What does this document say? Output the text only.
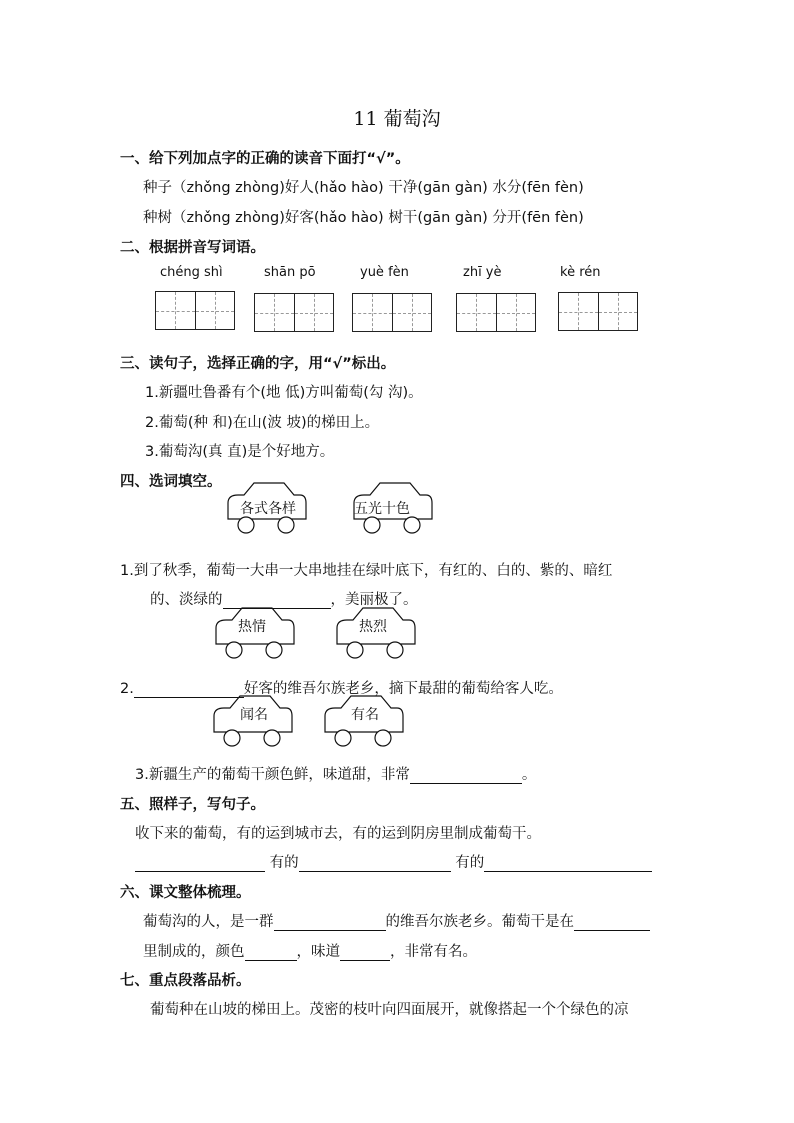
11 葡萄沟
一、给下列加点字的正确的读音下面打“√”。
种子（zhǒng zhòng)好人(hǎo hào) 干净(gān gàn) 水分(fēn fèn)
种树（zhǒng zhòng)好客(hǎo hào) 树干(gān gàn) 分开(fēn fèn)
二、根据拼音写词语。
chéng shì	shān pō	yuè fèn	zhī yè	kè rén
三、读句子，选择正确的字，用“√”标出。
1.新疆吐鲁番有个(地 低)方叫葡萄(勾 沟)。
2.葡萄(种 和)在山(波 坡)的梯田上。
3.葡萄沟(真 直)是个好地方。
四、选词填空。
各式各样	五光十色
1.到了秋季，葡萄一大串一大串地挂在绿叶底下，有红的、白的、紫的、暗红
的、淡绿的	，美丽极了。
热情	热烈
2.	好客的维吾尔族老乡，摘下最甜的葡萄给客人吃。
闻名	有名
3.新疆生产的葡萄干颜色鲜，味道甜，非常	。
五、照样子，写句子。
收下来的葡萄，有的运到城市去，有的运到阴房里制成葡萄干。
有的	有的
六、课文整体梳理。
葡萄沟的人，是一群	的维吾尔族老乡。葡萄干是在
里制成的，颜色	，味道	，非常有名。
七、重点段落品析。
葡萄种在山坡的梯田上。茂密的枝叶向四面展开，就像搭起一个个绿色的凉
